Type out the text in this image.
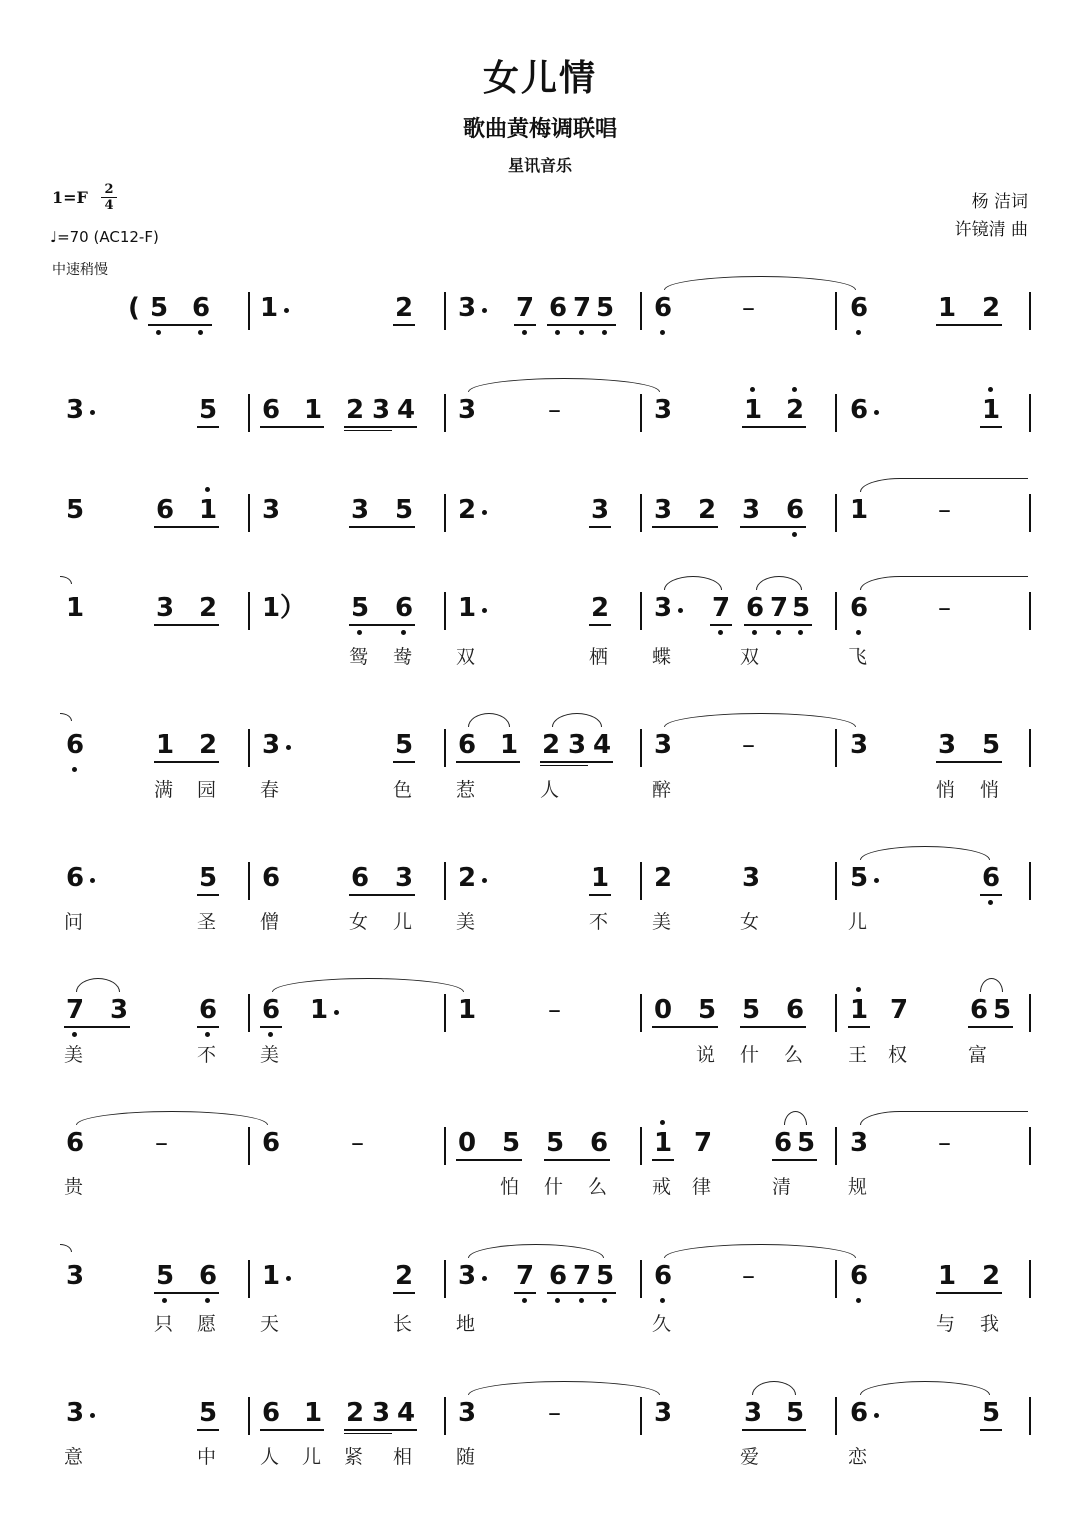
女儿情
歌曲黄梅调联唱
星讯音乐
1=F 2
4
♩=70 (AC12-F)
中速稍慢
杨 洁词
许镜清 曲
( 5 6 1	2 3 7 6 7 5 6	–	6	1 2
3	5 6 1 2 3 4 3	–	3	1 2 6	1
5	6 1 3	3 5 2	3 3 2 3 6 1	–
1	3 2 1 ） 5 6 1	2 3 7 6 7 5 6	–
鸳 鸯 双	栖 蝶	双	飞
6	1 2 3	5 6 1 2 3 4 3	–	3	3 5
满 园 春	色 惹	人	醉	悄 悄
6	5 6	6 3 2	1 2	3	5	6
问	圣 僧	女 儿 美	不 美	女	儿
7 3	6 6 1	1	–	0 5 5 6 1 7 6 5
美	不 美	说 什 么 王 权	富
6	–	6	–	0 5 5 6 1 7 6 5 3	–
贵	怕 什 么 戒 律	清	规
3	5 6 1	2 3 7 6 7 5 6	–	6	1 2
只 愿 天	长 地	久	与 我
3	5 6 1 2 3 4 3	–	3	3 5 6	5
意	中 人 儿 紧 相 随	爱	恋
